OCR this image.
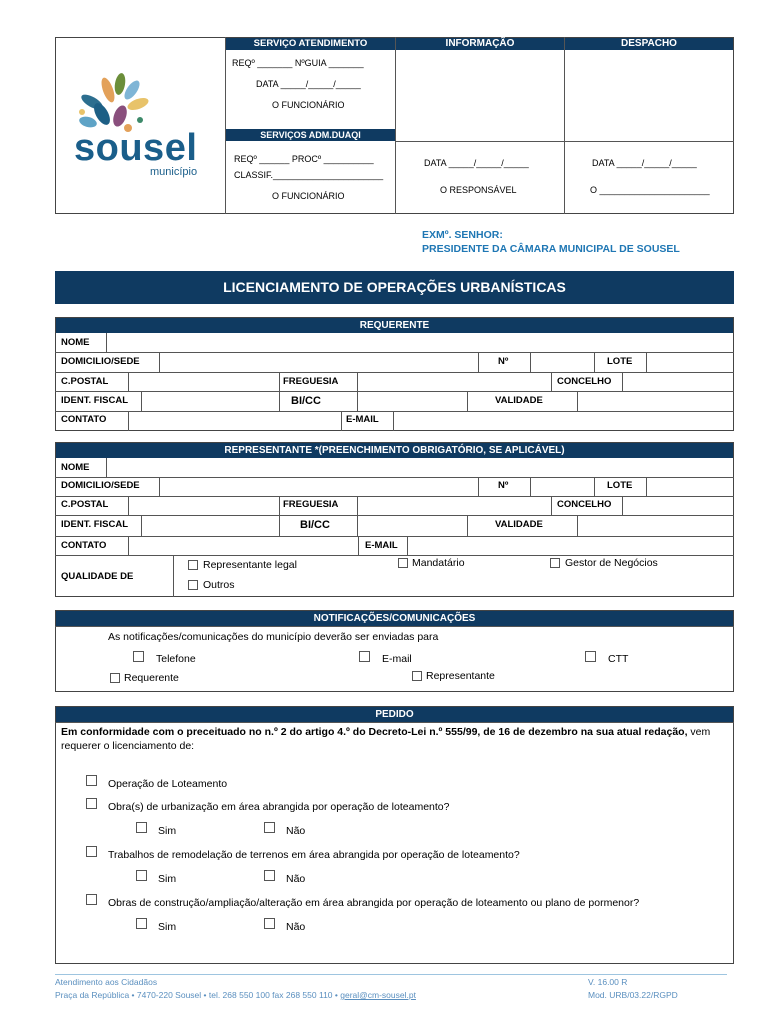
sousel
município
SERVIÇO ATENDIMENTO
REQº _______ NºGUIA _______
DATA _____/_____/_____
O FUNCIONÁRIO
SERVIÇOS ADM.DUAQI
REQº ______ PROCº __________
CLASSIF.______________________
O FUNCIONÁRIO
INFORMAÇÃO
DATA _____/_____/_____
O RESPONSÁVEL
DESPACHO
DATA _____/_____/_____
O ______________________
EXMº. SENHOR:
PRESIDENTE DA CÂMARA MUNICIPAL DE SOUSEL
LICENCIAMENTO DE OPERAÇÕES URBANÍSTICAS
REQUERENTE
NOME
DOMICILIO/SEDE	Nº	LOTE
C.POSTAL	FREGUESIA	CONCELHO
IDENT. FISCAL	BI/CC	VALIDADE
CONTATO	E-MAIL
REPRESENTANTE *(PREENCHIMENTO OBRIGATÓRIO, SE APLICÁVEL)
NOME
DOMICILIO/SEDE	Nº	LOTE
C.POSTAL	FREGUESIA	CONCELHO
IDENT. FISCAL	BI/CC	VALIDADE
CONTATO	E-MAIL
QUALIDADE DE
Representante legal	Mandatário	Gestor de Negócios
Outros
NOTIFICAÇÕES/COMUNICAÇÕES
As notificações/comunicações do município deverão ser enviadas para
Telefone	E-mail	CTT
Requerente	Representante
PEDIDO
Em conformidade com o preceituado no n.º 2 do artigo 4.º do Decreto-Lei n.º 555/99, de 16 de dezembro na sua atual redação, vem requerer o licenciamento de:
Operação de Loteamento
Obra(s) de urbanização em área abrangida por operação de loteamento?
Sim	Não
Trabalhos de remodelação de terrenos em área abrangida por operação de loteamento?
Sim	Não
Obras de construção/ampliação/alteração em área abrangida por operação de loteamento ou plano de pormenor?
Sim	Não
Atendimento aos Cidadãos
Praça da República • 7470-220 Sousel • tel. 268 550 100 fax 268 550 110 • geral@cm-sousel.pt
V. 16.00 R
Mod. URB/03.22/RGPD
